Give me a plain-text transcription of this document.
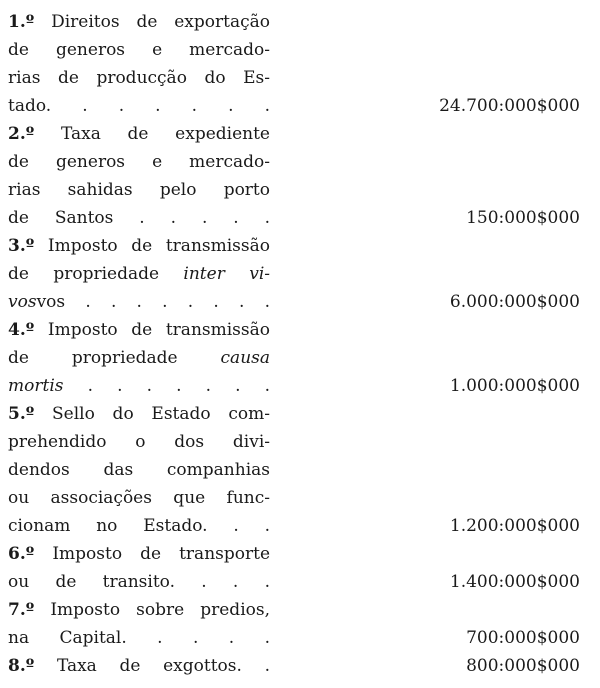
1.º Direitos de exportação
de generos e mercado-
rias de producção do Es-
tado. . . . . . .	24.700:000$000
2.º Taxa de expediente
de generos e mercado-
rias sahidas pelo porto
de Santos . . . . .	150:000$000
3.º Imposto de transmissão
de propriedade inter vi-
vosvos . . . . . . . .	6.000:000$000
4.º Imposto de transmissão
de propriedade causa
mortis . . . . . . .	1.000:000$000
5.º Sello do Estado com-
prehendido o dos divi-
dendos das companhias
ou associações que func-
cionam no Estado. . .	1.200:000$000
6.º Imposto de transporte
ou de transito. . . .	1.400:000$000
7.º Imposto sobre predios,
na Capital. . . . .	700:000$000
8.º Taxa de exgottos. .	800:000$000
